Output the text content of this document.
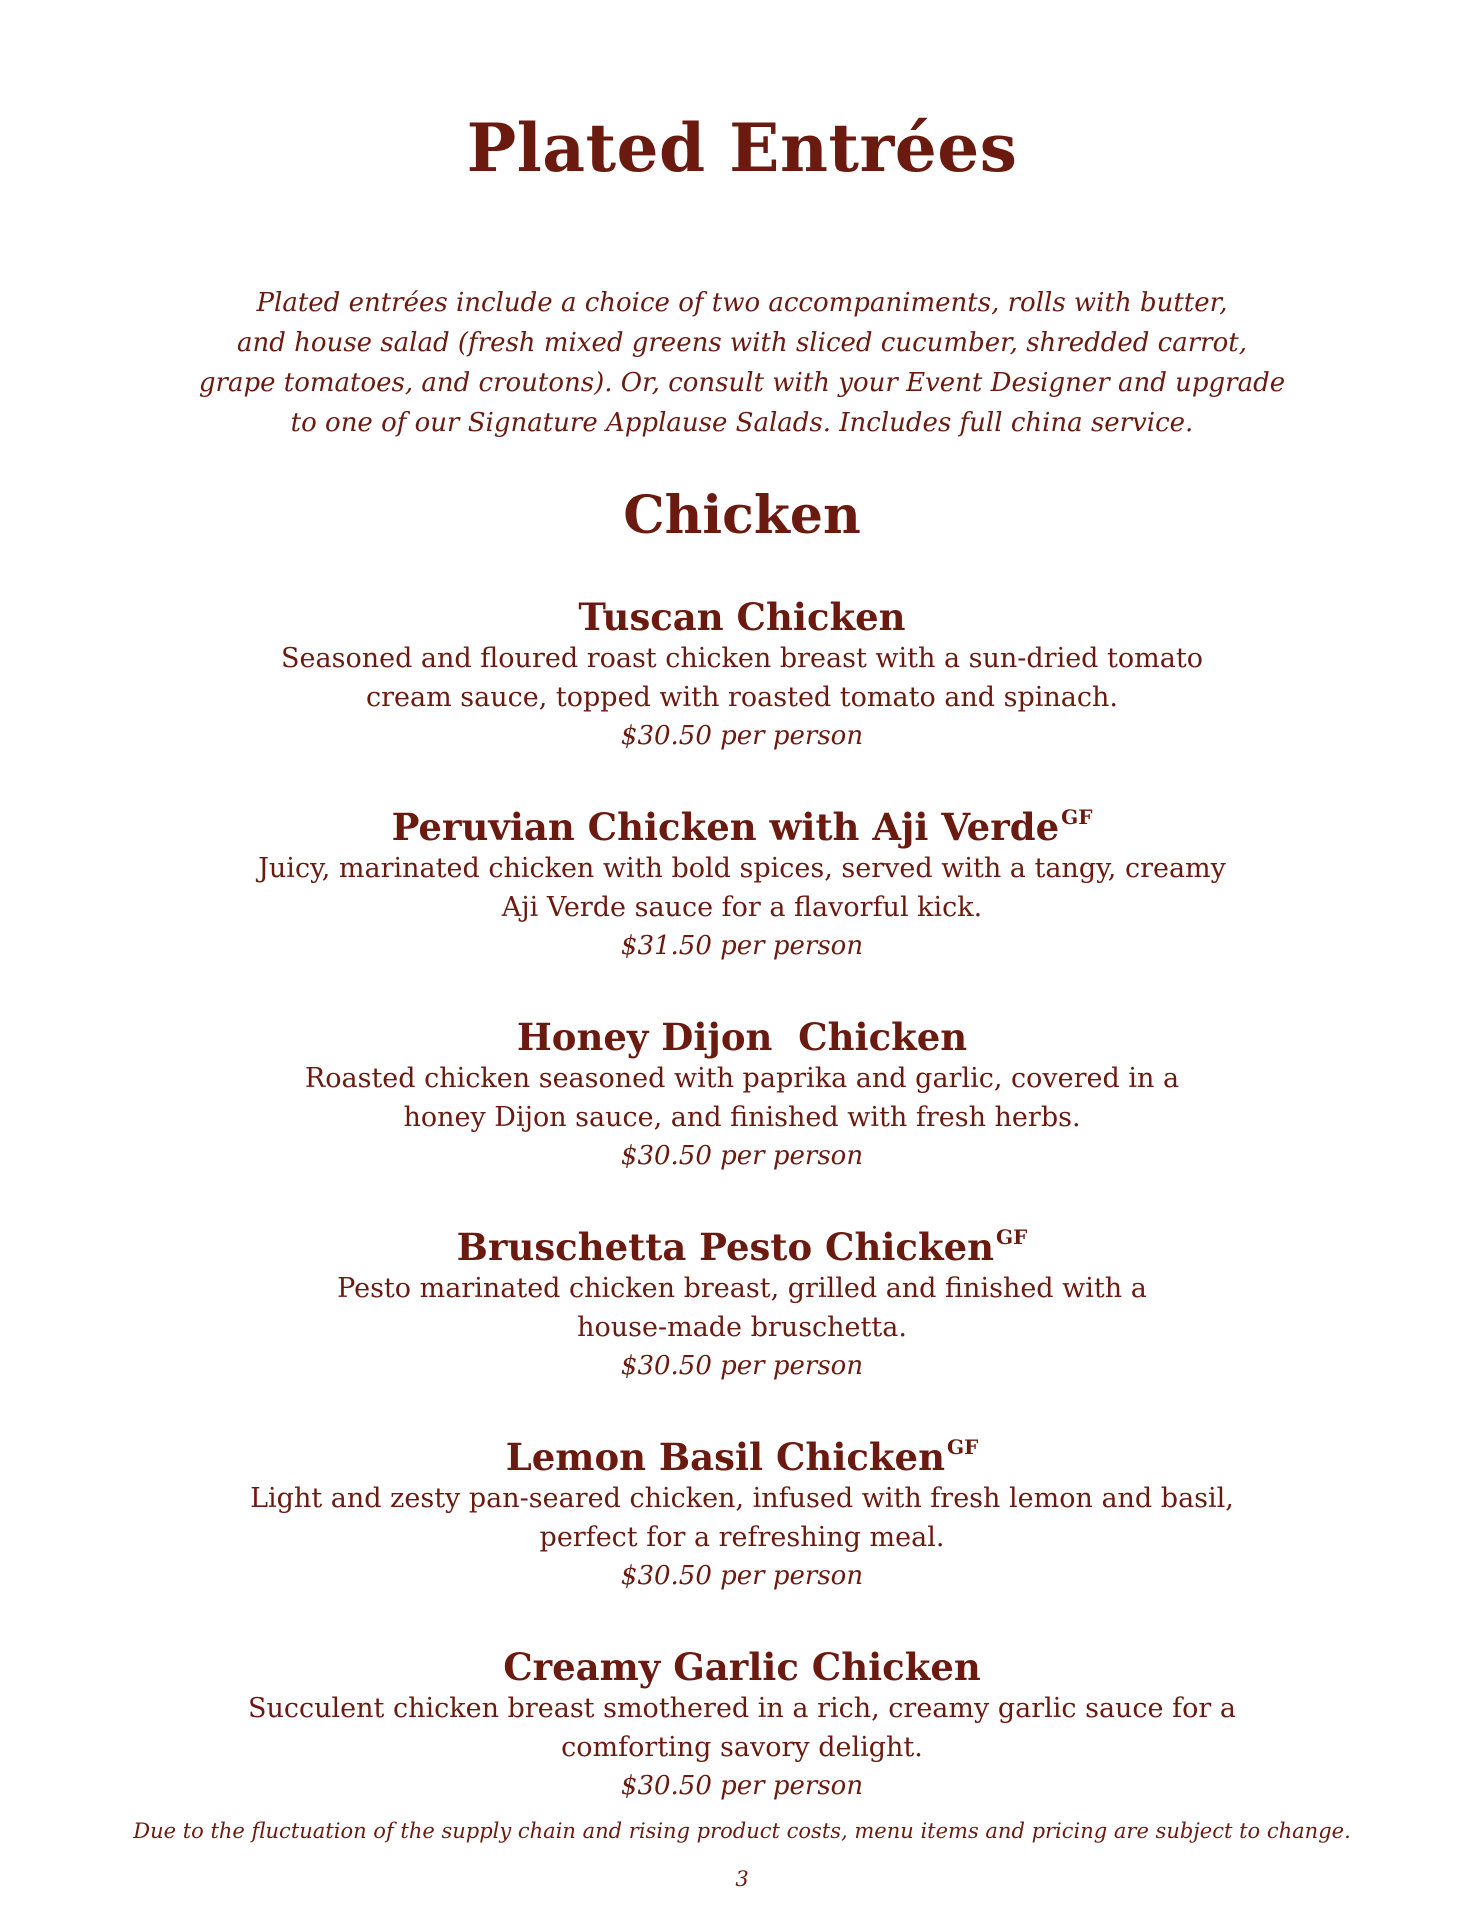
Plated Entrées
Plated entrées include a choice of two accompaniments, rolls with butter,
and house salad (fresh mixed greens with sliced cucumber, shredded carrot,
grape tomatoes, and croutons). Or, consult with your Event Designer and upgrade
to one of our Signature Applause Salads. Includes full china service.
Chicken
Tuscan Chicken
Seasoned and floured roast chicken breast with a sun-dried tomato
cream sauce, topped with roasted tomato and spinach.
$30.50 per person
Peruvian Chicken with Aji Verde $^{GF}$
Juicy, marinated chicken with bold spices, served with a tangy, creamy
Aji Verde sauce for a flavorful kick.
$31.50 per person
Honey Dijon  Chicken
Roasted chicken seasoned with paprika and garlic, covered in a
honey Dijon sauce, and finished with fresh herbs.
$30.50 per person
Bruschetta Pesto Chicken $^{GF}$
Pesto marinated chicken breast, grilled and finished with a
house-made bruschetta.
$30.50 per person
Lemon Basil Chicken $^{GF}$
Light and zesty pan-seared chicken, infused with fresh lemon and basil,
perfect for a refreshing meal.
$30.50 per person
Creamy Garlic Chicken
Succulent chicken breast smothered in a rich, creamy garlic sauce for a
comforting savory delight.
$30.50 per person
Due to the fluctuation of the supply chain and rising product costs, menu items and pricing are subject to change.
3
